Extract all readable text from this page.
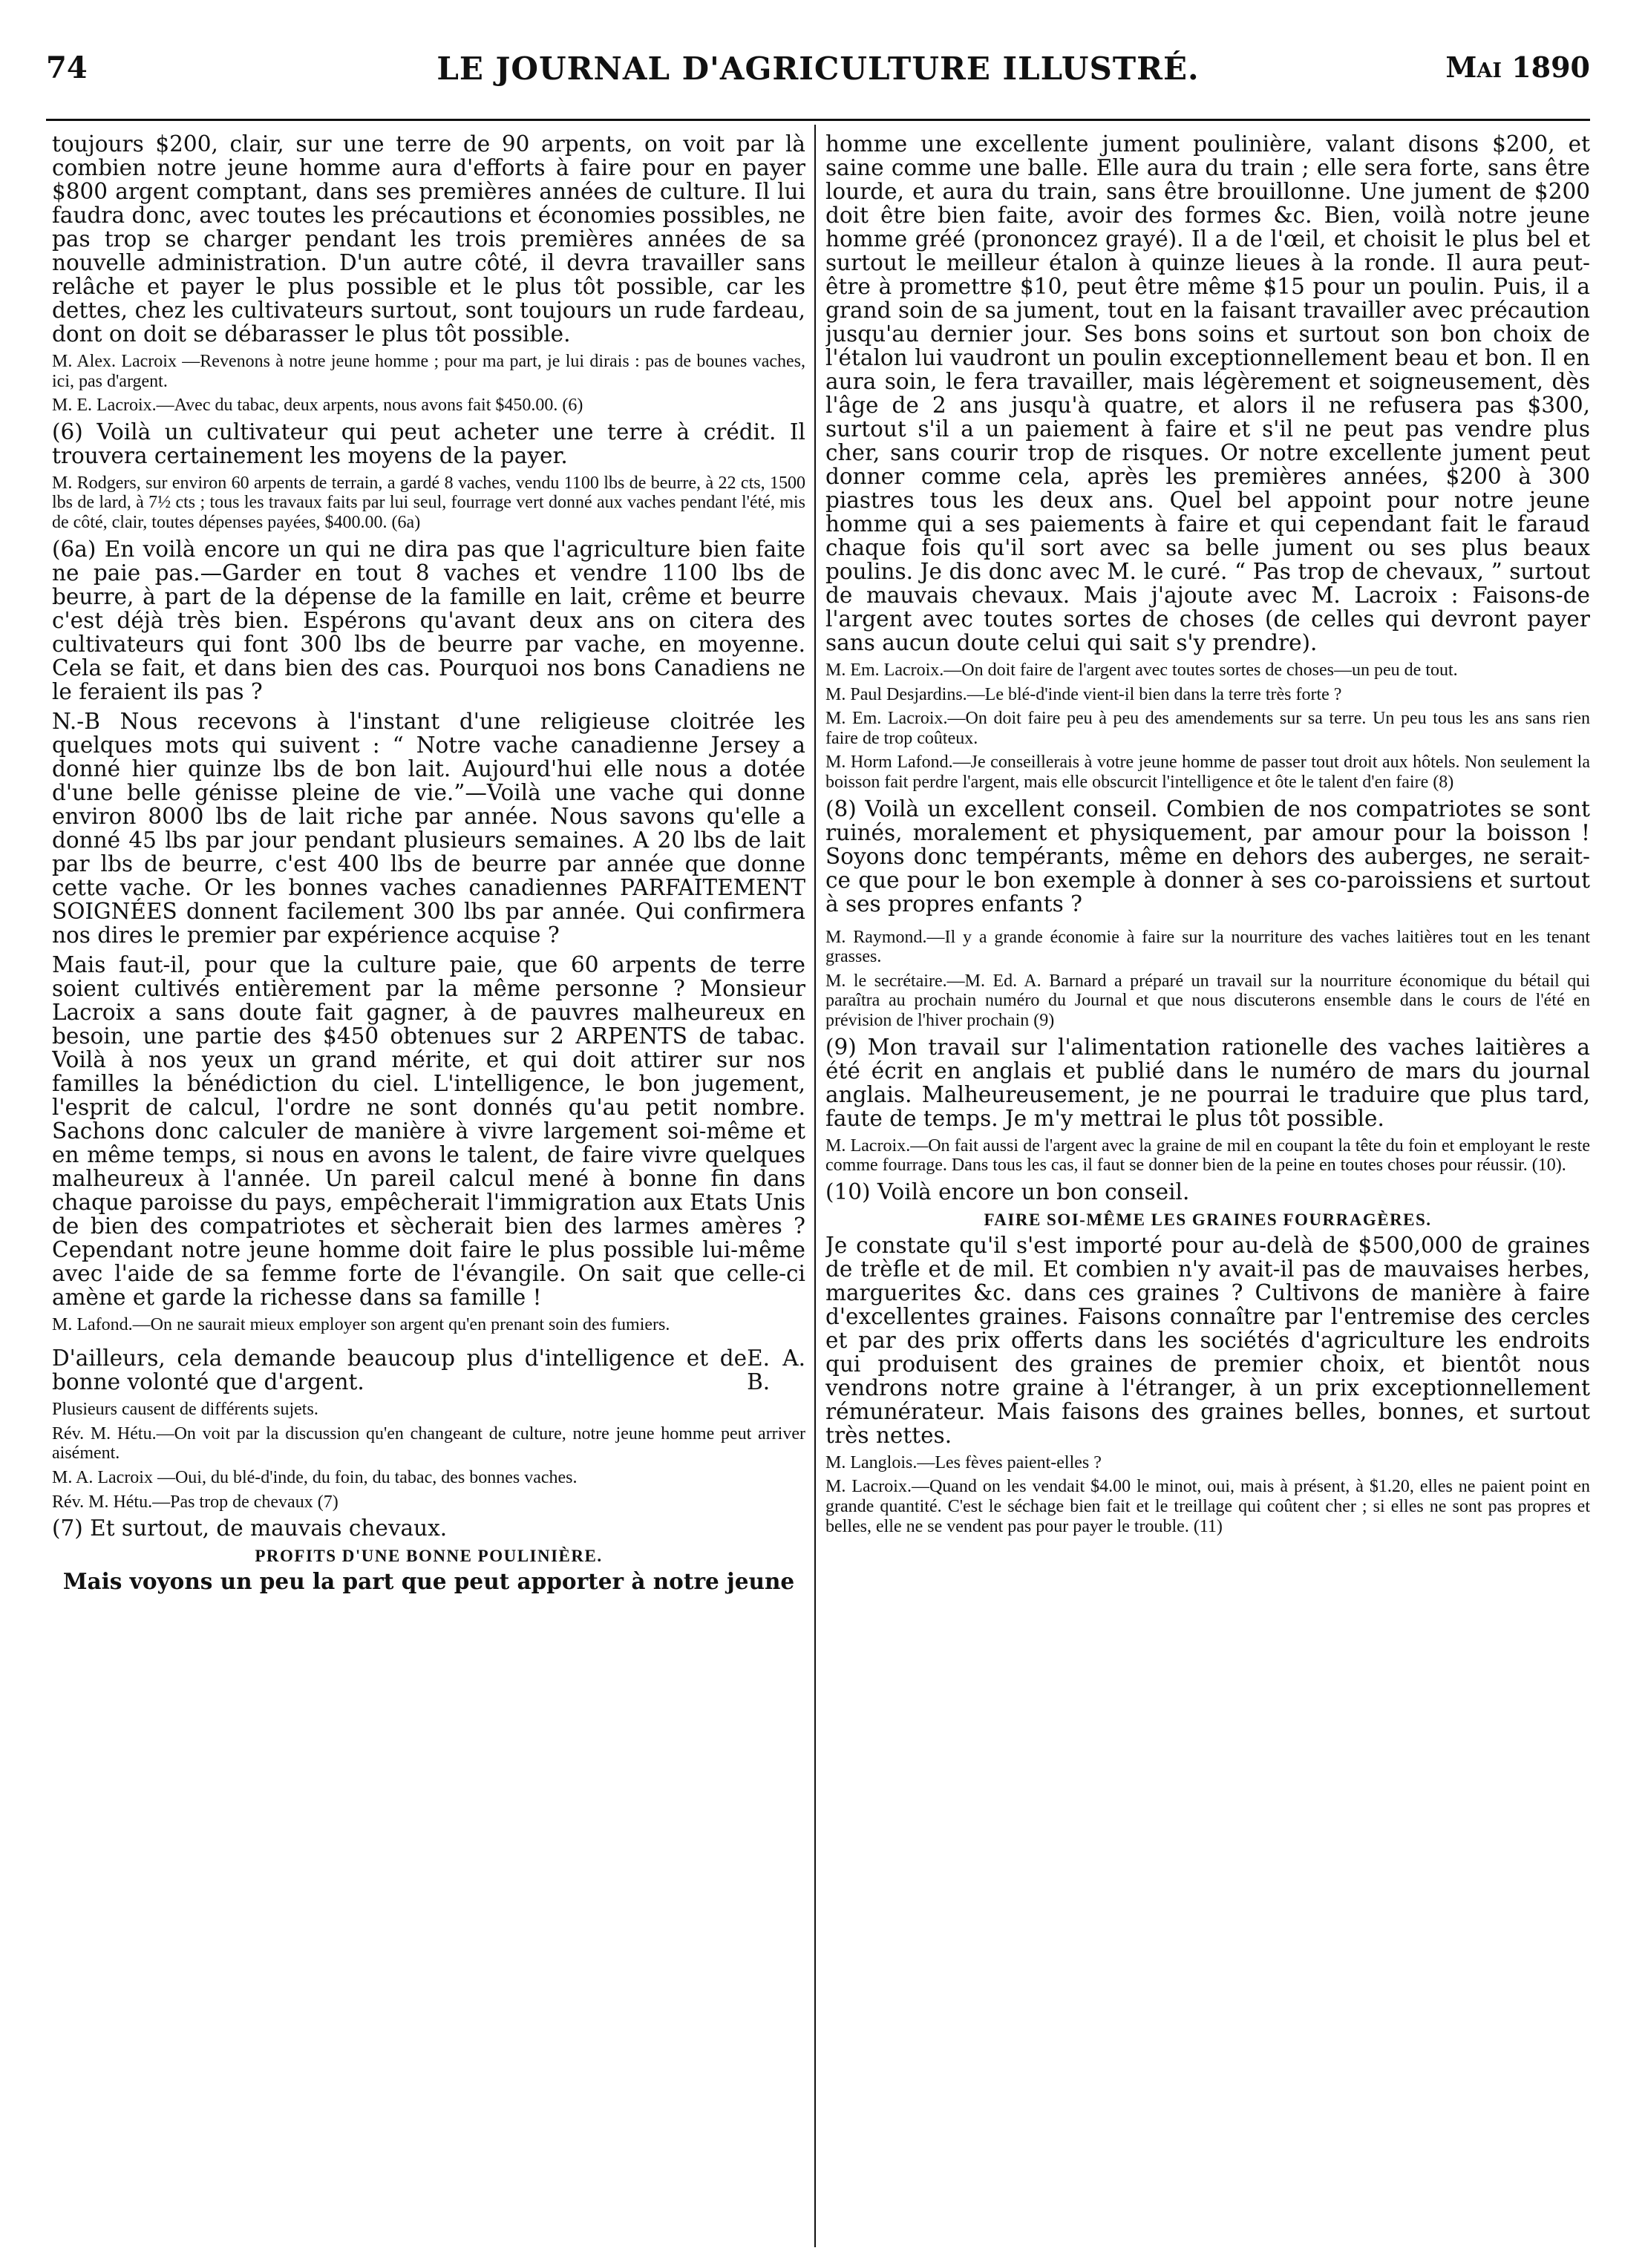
74	LE JOURNAL D'AGRICULTURE ILLUSTRÉ.	Mai 1890

toujours $200, clair, sur une terre de 90 arpents, on voit par là combien notre jeune homme aura d'efforts à faire pour en payer $800 argent comptant, dans ses premières années de culture. Il lui faudra donc, avec toutes les précautions et économies possibles, ne pas trop se charger pendant les trois premières années de sa nouvelle administration. D'un autre côté, il devra travailler sans relâche et payer le plus possible et le plus tôt possible, car les dettes, chez les cultivateurs surtout, sont toujours un rude fardeau, dont on doit se débarasser le plus tôt possible.

M. Alex. Lacroix —Revenons à notre jeune homme ; pour ma part, je lui dirais : pas de bounes vaches, ici, pas d'argent.

M. E. Lacroix.—Avec du tabac, deux arpents, nous avons fait $450.00. (6)

(6) Voilà un cultivateur qui peut acheter une terre à crédit. Il trouvera certainement les moyens de la payer.

M. Rodgers, sur environ 60 arpents de terrain, a gardé 8 vaches, vendu 1100 lbs de beurre, à 22 cts, 1500 lbs de lard, à 7½ cts ; tous les travaux faits par lui seul, fourrage vert donné aux vaches pendant l'été, mis de côté, clair, toutes dépenses payées, $400.00. (6a)

(6a) En voilà encore un qui ne dira pas que l'agriculture bien faite ne paie pas.—Garder en tout 8 vaches et vendre 1100 lbs de beurre, à part de la dépense de la famille en lait, crême et beurre c'est déjà très bien. Espérons qu'avant deux ans on citera des cultivateurs qui font 300 lbs de beurre par vache, en moyenne. Cela se fait, et dans bien des cas. Pourquoi nos bons Canadiens ne le feraient ils pas ?

N.-B Nous recevons à l'instant d'une religieuse cloitrée les quelques mots qui suivent : “ Notre vache canadienne Jersey a donné hier quinze lbs de bon lait. Aujourd'hui elle nous a dotée d'une belle génisse pleine de vie.”—Voilà une vache qui donne environ 8000 lbs de lait riche par année. Nous savons qu'elle a donné 45 lbs par jour pendant plusieurs semaines. A 20 lbs de lait par lbs de beurre, c'est 400 lbs de beurre par année que donne cette vache. Or les bonnes vaches canadiennes PARFAITEMENT SOIGNÉES donnent facilement 300 lbs par année. Qui confirmera nos dires le premier par expérience acquise ?

Mais faut-il, pour que la culture paie, que 60 arpents de terre soient cultivés entièrement par la même personne ? Monsieur Lacroix a sans doute fait gagner, à de pauvres malheureux en besoin, une partie des $450 obtenues sur 2 ARPENTS de tabac. Voilà à nos yeux un grand mérite, et qui doit attirer sur nos familles la bénédiction du ciel. L'intelligence, le bon jugement, l'esprit de calcul, l'ordre ne sont donnés qu'au petit nombre. Sachons donc calculer de manière à vivre largement soi-même et en même temps, si nous en avons le talent, de faire vivre quelques malheureux à l'année. Un pareil calcul mené à bonne fin dans chaque paroisse du pays, empêcherait l'immigration aux Etats Unis de bien des compatriotes et sècherait bien des larmes amères ? Cependant notre jeune homme doit faire le plus possible lui-même avec l'aide de sa femme forte de l'évangile. On sait que celle-ci amène et garde la richesse dans sa famille !

M. Lafond.—On ne saurait mieux employer son argent qu'en prenant soin des fumiers.

D'ailleurs, cela demande beaucoup plus d'intelligence et de bonne volonté que d'argent.
E. A. B.

Plusieurs causent de différents sujets.

Rév. M. Hétu.—On voit par la discussion qu'en changeant de culture, notre jeune homme peut arriver aisément.

M. A. Lacroix —Oui, du blé-d'inde, du foin, du tabac, des bonnes vaches.

Rév. M. Hétu.—Pas trop de chevaux (7)

(7) Et surtout, de mauvais chevaux.

PROFITS D'UNE BONNE POULINIÈRE.

Mais voyons un peu la part que peut apporter à notre jeune

homme une excellente jument poulinière, valant disons $200, et saine comme une balle. Elle aura du train ; elle sera forte, sans être lourde, et aura du train, sans être brouillonne. Une jument de $200 doit être bien faite, avoir des formes &c. Bien, voilà notre jeune homme gréé (prononcez grayé). Il a de l'œil, et choisit le plus bel et surtout le meilleur étalon à quinze lieues à la ronde. Il aura peut-être à promettre $10, peut être même $15 pour un poulin. Puis, il a grand soin de sa jument, tout en la faisant travailler avec précaution jusqu'au dernier jour. Ses bons soins et surtout son bon choix de l'étalon lui vaudront un poulin exceptionnellement beau et bon. Il en aura soin, le fera travailler, mais légèrement et soigneusement, dès l'âge de 2 ans jusqu'à quatre, et alors il ne refusera pas $300, surtout s'il a un paiement à faire et s'il ne peut pas vendre plus cher, sans courir trop de risques. Or notre excellente jument peut donner comme cela, après les premières années, $200 à 300 piastres tous les deux ans. Quel bel appoint pour notre jeune homme qui a ses paiements à faire et qui cependant fait le faraud chaque fois qu'il sort avec sa belle jument ou ses plus beaux poulins. Je dis donc avec M. le curé. “ Pas trop de chevaux, ” surtout de mauvais chevaux. Mais j'ajoute avec M. Lacroix : Faisons-de l'argent avec toutes sortes de choses (de celles qui devront payer sans aucun doute celui qui sait s'y prendre).

M. Em. Lacroix.—On doit faire de l'argent avec toutes sortes de choses—un peu de tout.

M. Paul Desjardins.—Le blé-d'inde vient-il bien dans la terre très forte ?

M. Em. Lacroix.—On doit faire peu à peu des amendements sur sa terre. Un peu tous les ans sans rien faire de trop coûteux.

M. Horm Lafond.—Je conseillerais à votre jeune homme de passer tout droit aux hôtels. Non seulement la boisson fait perdre l'argent, mais elle obscurcit l'intelligence et ôte le talent d'en faire (8)

(8) Voilà un excellent conseil. Combien de nos compatriotes se sont ruinés, moralement et physiquement, par amour pour la boisson ! Soyons donc tempérants, même en dehors des auberges, ne serait-ce que pour le bon exemple à donner à ses co-paroissiens et surtout à ses propres enfants ?

M. Raymond.—Il y a grande économie à faire sur la nourriture des vaches laitières tout en les tenant grasses.

M. le secrétaire.—M. Ed. A. Barnard a préparé un travail sur la nourriture économique du bétail qui paraîtra au prochain numéro du Journal et que nous discuterons ensemble dans le cours de l'été en prévision de l'hiver prochain (9)

(9) Mon travail sur l'alimentation rationelle des vaches laitières a été écrit en anglais et publié dans le numéro de mars du journal anglais. Malheureusement, je ne pourrai le traduire que plus tard, faute de temps. Je m'y mettrai le plus tôt possible.

M. Lacroix.—On fait aussi de l'argent avec la graine de mil en coupant la tête du foin et employant le reste comme fourrage. Dans tous les cas, il faut se donner bien de la peine en toutes choses pour réussir. (10).

(10) Voilà encore un bon conseil.

FAIRE SOI-MÊME LES GRAINES FOURRAGÈRES.

Je constate qu'il s'est importé pour au-delà de $500,000 de graines de trèfle et de mil. Et combien n'y avait-il pas de mauvaises herbes, marguerites &c. dans ces graines ? Cultivons de manière à faire d'excellentes graines. Faisons connaître par l'entremise des cercles et par des prix offerts dans les sociétés d'agriculture les endroits qui produisent des graines de premier choix, et bientôt nous vendrons notre graine à l'étranger, à un prix exceptionnellement rémunérateur. Mais faisons des graines belles, bonnes, et surtout très nettes.

M. Langlois.—Les fèves paient-elles ?

M. Lacroix.—Quand on les vendait $4.00 le minot, oui, mais à présent, à $1.20, elles ne paient point en grande quantité. C'est le séchage bien fait et le treillage qui coûtent cher ; si elles ne sont pas propres et belles, elle ne se vendent pas pour payer le trouble. (11)
